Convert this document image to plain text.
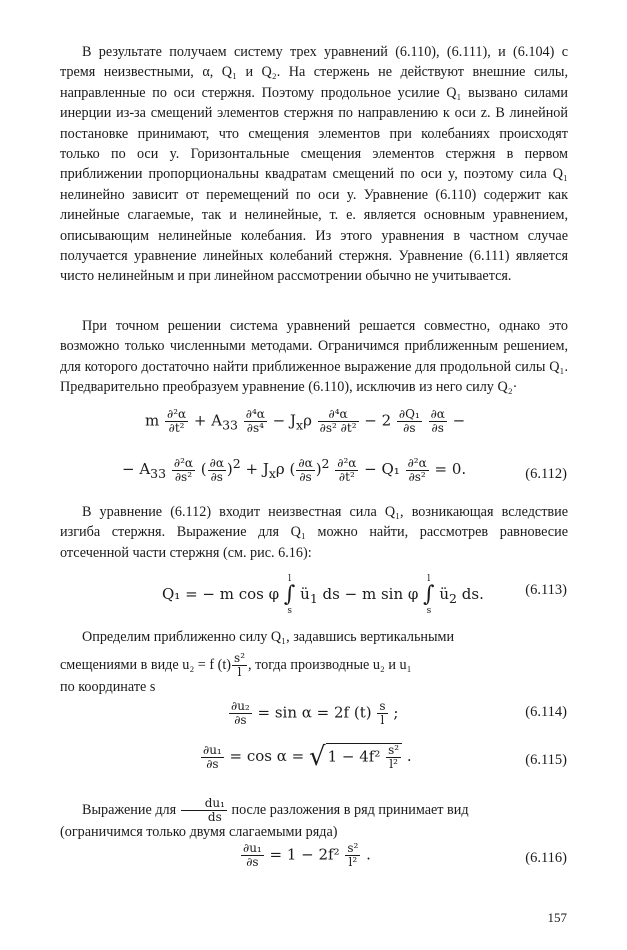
В результате получаем систему трех уравнений (6.110), (6.111), и (6.104) с тремя неизвестными, α, Q₁ и Q₂. На стержень не действуют внешние силы, направленные по оси стержня. Поэтому продольное усилие Q₁ вызвано силами инерции из-за смещений элементов стержня по направлению к оси z. В линейной постановке принимают, что смещения элементов при колебаниях происходят только по оси y. Горизонтальные смещения элементов стержня в первом приближении пропорциональны квадратам смещений по оси y, поэтому сила Q₁ нелинейно зависит от перемещений по оси y. Уравнение (6.110) содержит как линейные слагаемые, так и нелинейные, т. е. является основным уравнением, описывающим нелинейные колебания. Из этого уравнения в частном случае получается уравнение линейных колебаний стержня. Уравнение (6.111) является чисто нелинейным и при линейном рассмотрении обычно не учитывается.

При точном решении система уравнений решается совместно, однако это возможно только численными методами. Ограничимся приближенным решением, для которого достаточно найти приближенное выражение для продольной силы Q₁. Предварительно преобразуем уравнение (6.110), исключив из него силу Q₂·

m $\frac{\text{∂²α}}{\text{∂t²}} + A_{33} \frac{\text{∂⁴α}}{\text{∂s⁴}} - J_x\rho \frac{\text{∂⁴α}}{\text{∂s² ∂t²}} - 2 \frac{\text{∂Q₁}}{\partial s}$
$\frac{\partial\alpha}{\partial s}$ −
− $A_{33} \frac{\text{∂²α}}{\text{∂s²}}$ ( $\frac{\partial\alpha}{\partial s} )^2 + J_x\rho$ ( $\frac{\partial\alpha}{\partial s} )^2 \frac{\text{∂²α}}{\text{∂t²}} - Q_1 \frac{\text{∂²α}}{\text{∂s²}} = 0$.	(6.112)

В уравнение (6.112) входит неизвестная сила Q₁, возникающая вследствие изгиба стержня. Выражение для Q₁ можно найти, рассмотрев равновесие отсеченной части стержня (см. рис. 6.16):

Q₁ = − m cos φ l
∫
s $ü_1$ ds − m sin φ l
∫
s $ü_2$ ds.	(6.113)
Определим приближенно силу Q₁, задавшись вертикальными
смещениями в виде u₂ = f $(t) \frac{\text{s²}}{l}$ , тогда производные u₂ и u₁
по координате s
$\frac{\text{∂u₂}}{\partial s} = \sin \alpha = 2f$ $(t) \frac{s}{l}$ ;	(6.114)
$\frac{\text{∂u₁}}{\partial s} = \cos \alpha$ = √ $1 - 4f^2 \frac{\text{s²}}{\text{l²}}$ .	(6.115)
Выражение для $\frac{\text{du₁}}{ds}$ после разложения в ряд принимает вид
(ограничимся только двумя слагаемыми ряда)
$\frac{\text{∂u₁}}{\partial s} = 1 - 2f^2 \frac{\text{s²}}{\text{l²}}$ .	(6.116)
157
